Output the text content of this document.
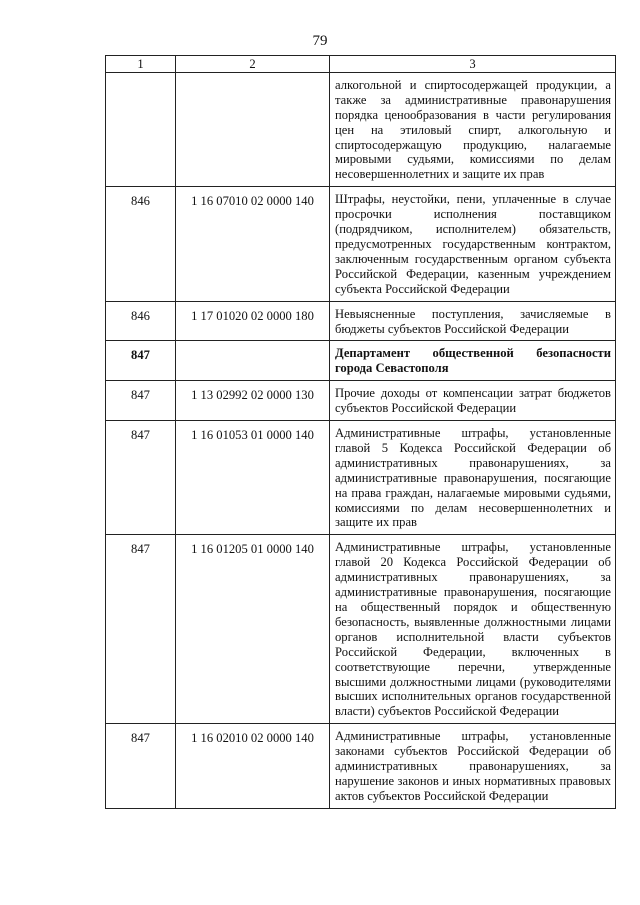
79
1	2	3
		алкогольной и спиртосодержащей продукции, а также за административные правонарушения порядка ценообразования в части регулирования цен на этиловый спирт, алкогольную и спиртосодержащую продукцию, налагаемые мировыми судьями, комиссиями по делам несовершеннолетних и защите их прав
846	1 16 07010 02 0000 140	Штрафы, неустойки, пени, уплаченные в случае просрочки исполнения поставщиком (подрядчиком, исполнителем) обязательств, предусмотренных государственным контрактом, заключенным государственным органом субъекта Российской Федерации, казенным учреждением субъекта Российской Федерации
846	1 17 01020 02 0000 180	Невыясненные поступления, зачисляемые в бюджеты субъектов Российской Федерации
847		Департамент общественной безопасности города Севастополя
847	1 13 02992 02 0000 130	Прочие доходы от компенсации затрат бюджетов субъектов Российской Федерации
847	1 16 01053 01 0000 140	Административные штрафы, установленные главой 5 Кодекса Российской Федерации об административных правонарушениях, за административные правонарушения, посягающие на права граждан, налагаемые мировыми судьями, комиссиями по делам несовершеннолетних и защите их прав
847	1 16 01205 01 0000 140	Административные штрафы, установленные главой 20 Кодекса Российской Федерации об административных правонарушениях, за административные правонарушения, посягающие на общественный порядок и общественную безопасность, выявленные должностными лицами органов исполнительной власти субъектов Российской Федерации, включенных в соответствующие перечни, утвержденные высшими должностными лицами (руководителями высших исполнительных органов государственной власти) субъектов Российской Федерации
847	1 16 02010 02 0000 140	Административные штрафы, установленные законами субъектов Российской Федерации об административных правонарушениях, за нарушение законов и иных нормативных правовых актов субъектов Российской Федерации
